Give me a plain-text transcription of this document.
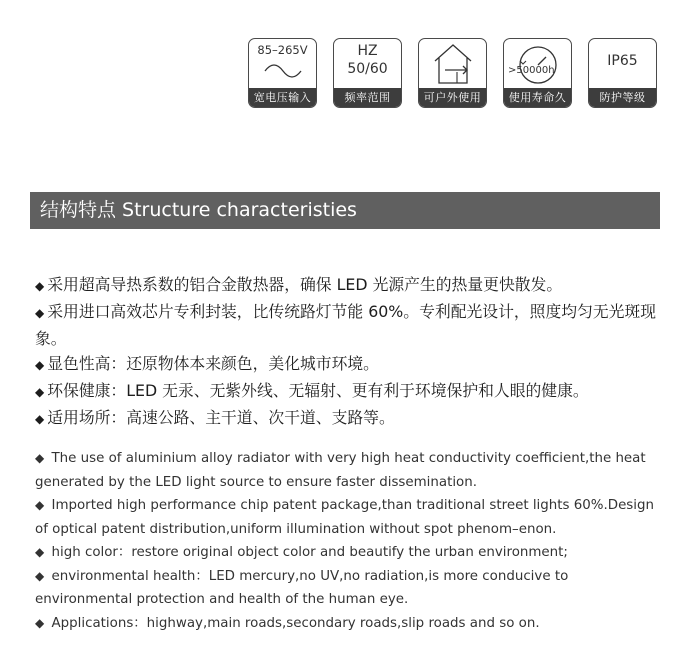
85–265V
宽电压输入
HZ
50/60
频率范围	可户外使用
>50000h
使用寿命久
IP65
防护等级
结构特点 Structure characteristies

◆ 采用超高导热系数的铝合金散热器，确保 LED 光源产生的热量更快散发。

◆ 采用进口高效芯片专利封装，比传统路灯节能 60%。专利配光设计，照度均匀无光斑现象。

◆ 显色性高：还原物体本来颜色，美化城市环境。

◆ 环保健康：LED 无汞、无紫外线、无辐射、更有利于环境保护和人眼的健康。

◆ 适用场所：高速公路、主干道、次干道、支路等。

◆ The use of aluminium alloy radiator with very high heat conductivity coefficient,the heat generated by the LED light source to ensure faster dissemination.

◆ Imported high performance chip patent package,than traditional street lights 60%.Design of optical patent distribution,uniform illumination without spot phenom–enon.

◆ high color：restore original object color and beautify the urban environment;

◆ environmental health：LED mercury,no UV,no radiation,is more conducive to environmental protection and health of the human eye.

◆ Applications：highway,main roads,secondary roads,slip roads and so on.
